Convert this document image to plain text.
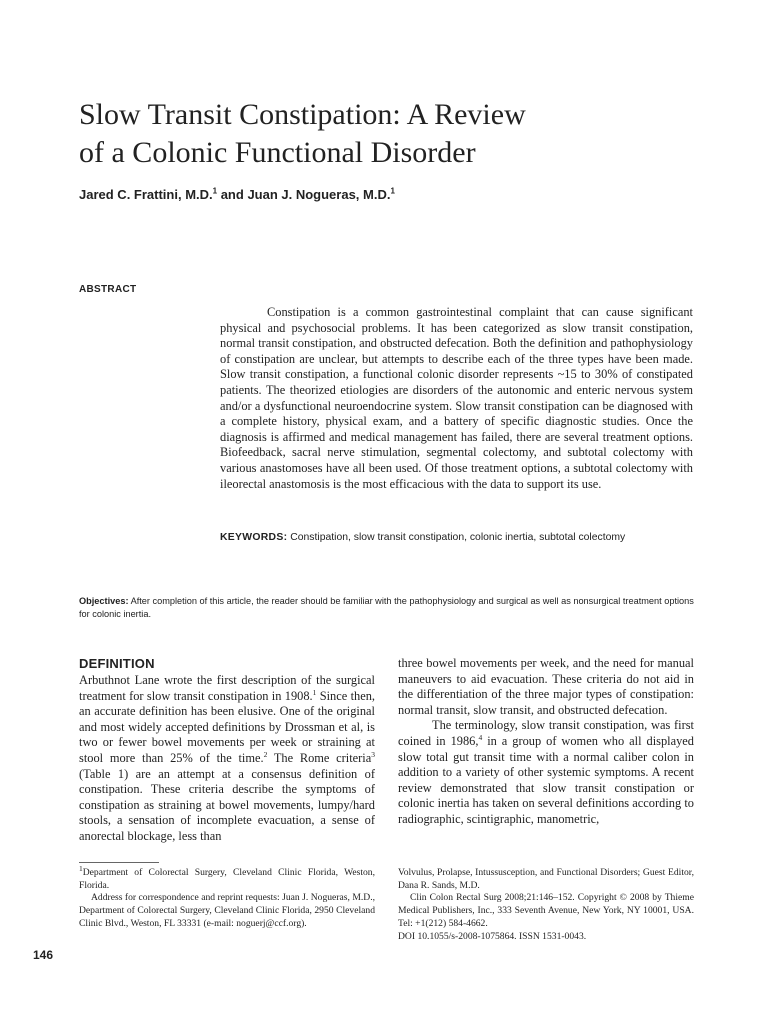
Slow Transit Constipation: A Review
of a Colonic Functional Disorder
Jared C. Frattini, M.D.$^1$ and Juan J. Nogueras, M.D.$^1$
ABSTRACT

Constipation is a common gastrointestinal complaint that can cause significant physical and psychosocial problems. It has been categorized as slow transit constipation, normal transit constipation, and obstructed defecation. Both the definition and pathophysiology of constipation are unclear, but attempts to describe each of the three types have been made. Slow transit constipation, a functional colonic disorder represents ~15 to 30% of constipated patients. The theorized etiologies are disorders of the autonomic and enteric nervous system and/or a dysfunctional neuroendocrine system. Slow transit constipation can be diagnosed with a complete history, physical exam, and a battery of specific diagnostic studies. Once the diagnosis is affirmed and medical management has failed, there are several treatment options. Biofeedback, sacral nerve stimulation, segmental colectomy, and subtotal colectomy with various anastomoses have all been used. Of those treatment options, a subtotal colectomy with ileorectal anastomosis is the most efficacious with the data to support its use.

KEYWORDS: Constipation, slow transit constipation, colonic inertia, subtotal colectomy
Objectives: After completion of this article, the reader should be familiar with the pathophysiology and surgical as well as nonsurgical treatment options for colonic inertia.
DEFINITION
Arbuthnot Lane wrote the first description of the surgical treatment for slow transit constipation in 1908.$^1$ Since then, an accurate definition has been elusive. One of the original and most widely accepted definitions by Drossman et al, is two or fewer bowel movements per week or straining at stool more than 25% of the time.$^2$ The Rome criteria$^3$ (Table 1) are an attempt at a consensus definition of constipation. These criteria describe the symptoms of constipation as straining at bowel movements, lumpy/hard stools, a sensation of incomplete evacuation, a sense of anorectal blockage, less than
three bowel movements per week, and the need for manual maneuvers to aid evacuation. These criteria do not aid in the differentiation of the three major types of constipation: normal transit, slow transit, and obstructed defecation.
The terminology, slow transit constipation, was first coined in 1986,$^4$ in a group of women who all displayed slow total gut transit time with a normal caliber colon in addition to a variety of other systemic symptoms. A recent review demonstrated that slow transit constipation or colonic inertia has taken on several definitions according to radiographic, scintigraphic, manometric,
$^1$Department of Colorectal Surgery, Cleveland Clinic Florida, Weston, Florida.
Address for correspondence and reprint requests: Juan J. Nogueras, M.D., Department of Colorectal Surgery, Cleveland Clinic Florida, 2950 Cleveland Clinic Blvd., Weston, FL 33331 (e-mail: noguerj@ccf.org).
Volvulus, Prolapse, Intussusception, and Functional Disorders; Guest Editor, Dana R. Sands, M.D.
Clin Colon Rectal Surg 2008;21:146–152. Copyright © 2008 by Thieme Medical Publishers, Inc., 333 Seventh Avenue, New York, NY 10001, USA. Tel: +1(212) 584-4662.
DOI 10.1055/s-2008-1075864. ISSN 1531-0043.
146
